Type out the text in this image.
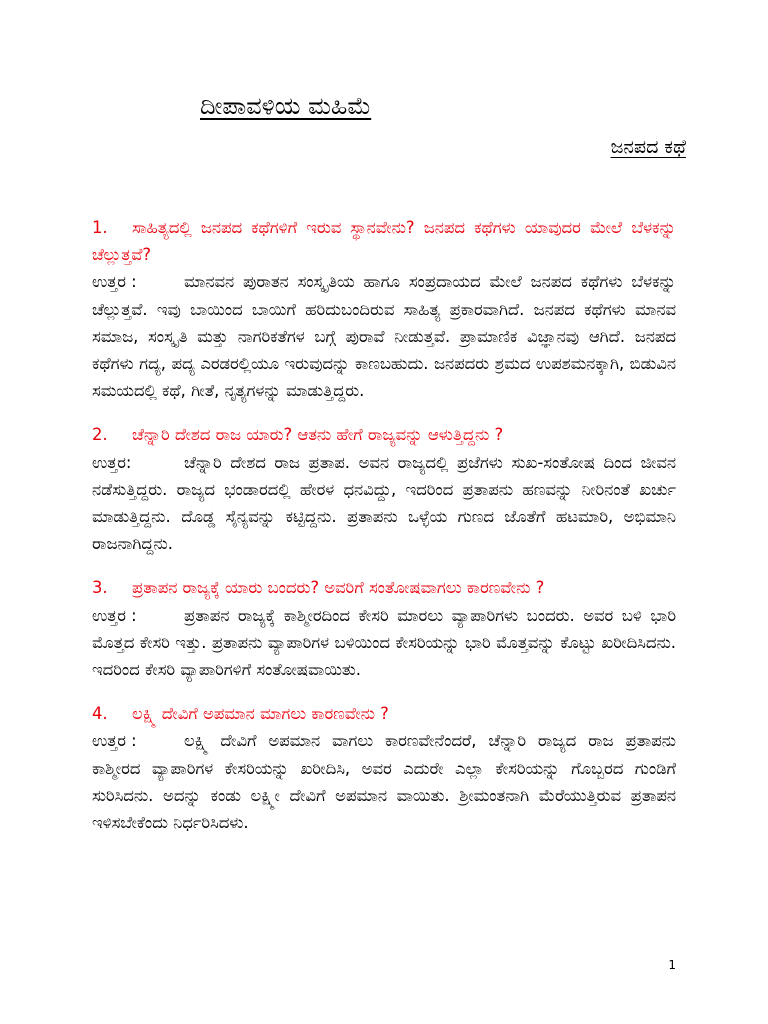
ದೀಪಾವಳಿಯ ಮಹಿಮೆ
ಜನಪದ ಕಥೆ
1. ಸಾಹಿತ್ಯದಲ್ಲಿ ಜನಪದ ಕಥೆಗಳಿಗೆ ಇರುವ ಸ್ಥಾನವೇನು? ಜನಪದ ಕಥೆಗಳು ಯಾವುದರ ಮೇಲೆ ಬೆಳಕನ್ನು ಚೆಲ್ಲುತ್ತವೆ?
ಉತ್ತರ :	ಮಾನವನ ಪುರಾತನ ಸಂಸ್ಕೃತಿಯ ಹಾಗೂ ಸಂಪ್ರದಾಯದ ಮೇಲೆ ಜನಪದ ಕಥೆಗಳು ಬೆಳಕನ್ನು ಚೆಲ್ಲುತ್ತವೆ. ಇವು ಬಾಯಿಂದ ಬಾಯಿಗೆ ಹರಿದುಬಂದಿರುವ ಸಾಹಿತ್ಯ ಪ್ರಕಾರವಾಗಿದೆ. ಜನಪದ ಕಥೆಗಳು ಮಾನವ ಸಮಾಜ, ಸಂಸ್ಕೃತಿ ಮತ್ತು ನಾಗರಿಕತೆಗಳ ಬಗ್ಗೆ ಪುರಾವೆ ನೀಡುತ್ತವೆ. ಪ್ರಾಮಾಣಿಕ ವಿಜ್ಞಾನವು ಆಗಿದೆ. ಜನಪದ ಕಥೆಗಳು ಗದ್ಯ, ಪದ್ಯ ಎರಡರಲ್ಲಿಯೂ ಇರುವುದನ್ನು ಕಾಣಬಹುದು. ಜನಪದರು ಶ್ರಮದ ಉಪಶಮನಕ್ಕಾಗಿ, ಬಿಡುವಿನ ಸಮಯದಲ್ಲಿ ಕಥೆ, ಗೀತೆ, ನೃತ್ಯಗಳನ್ನು ಮಾಡುತ್ತಿದ್ದರು.
2. ಚೆನ್ನಾರಿ ದೇಶದ ರಾಜ ಯಾರು? ಆತನು ಹೇಗೆ ರಾಜ್ಯವನ್ನು ಆಳುತ್ತಿದ್ದನು ?
ಉತ್ತರ:	ಚೆನ್ನಾರಿ ದೇಶದ ರಾಜ ಪ್ರತಾಪ. ಅವನ ರಾಜ್ಯದಲ್ಲಿ ಪ್ರಜೆಗಳು ಸುಖ-ಸಂತೋಷ ದಿಂದ ಜೀವನ ನಡೆಸುತ್ತಿದ್ದರು. ರಾಜ್ಯದ ಭಂಡಾರದಲ್ಲಿ ಹೇರಳ ಧನವಿದ್ದು, ಇದರಿಂದ ಪ್ರತಾಪನು ಹಣವನ್ನು ನೀರಿನಂತೆ ಖರ್ಚು ಮಾಡುತ್ತಿದ್ದನು. ದೊಡ್ಡ ಸೈನ್ಯವನ್ನು ಕಟ್ಟಿದ್ದನು. ಪ್ರತಾಪನು ಒಳ್ಳೆಯ ಗುಣದ ಜೊತೆಗೆ ಹಟಮಾರಿ, ಅಭಿಮಾನಿ ರಾಜನಾಗಿದ್ದನು.
3. ಪ್ರತಾಪನ ರಾಜ್ಯಕ್ಕೆ ಯಾರು ಬಂದರು? ಅವರಿಗೆ ಸಂತೋಷವಾಗಲು ಕಾರಣವೇನು ?
ಉತ್ತರ :	ಪ್ರತಾಪನ ರಾಜ್ಯಕ್ಕೆ ಕಾಶ್ಮೀರದಿಂದ ಕೇಸರಿ ಮಾರಲು ವ್ಯಾಪಾರಿಗಳು ಬಂದರು. ಅವರ ಬಳಿ ಭಾರಿ ಮೊತ್ತದ ಕೇಸರಿ ಇತ್ತು. ಪ್ರತಾಪನು ವ್ಯಾಪಾರಿಗಳ ಬಳಿಯಿಂದ ಕೇಸರಿಯನ್ನು ಭಾರಿ ಮೊತ್ತವನ್ನು ಕೊಟ್ಟು ಖರೀದಿಸಿದನು. ಇದರಿಂದ ಕೇಸರಿ ವ್ಯಾಪಾರಿಗಳಿಗೆ ಸಂತೋಷವಾಯಿತು.
4. ಲಕ್ಷ್ಮಿ ದೇವಿಗೆ ಅಪಮಾನ ಮಾಗಲು ಕಾರಣವೇನು ?
ಉತ್ತರ :	ಲಕ್ಷ್ಮಿ ದೇವಿಗೆ ಅಪಮಾನ ವಾಗಲು ಕಾರಣವೇನೆಂದರೆ, ಚೆನ್ನಾರಿ ರಾಜ್ಯದ ರಾಜ ಪ್ರತಾಪನು ಕಾಶ್ಮೀರದ ವ್ಯಾಪಾರಿಗಳ ಕೇಸರಿಯನ್ನು ಖರೀದಿಸಿ, ಅವರ ಎದುರೇ ಎಲ್ಲಾ ಕೇಸರಿಯನ್ನು ಗೊಬ್ಬರದ ಗುಂಡಿಗೆ ಸುರಿಸಿದನು. ಅದನ್ನು ಕಂಡು ಲಕ್ಷ್ಮೀ ದೇವಿಗೆ ಅಪಮಾನ ವಾಯಿತು. ಶ್ರೀಮಂತನಾಗಿ ಮೆರೆಯುತ್ತಿರುವ ಪ್ರತಾಪನ ಇಳಿಸಬೇಕೆಂದು ನಿರ್ಧರಿಸಿದಳು.
1
